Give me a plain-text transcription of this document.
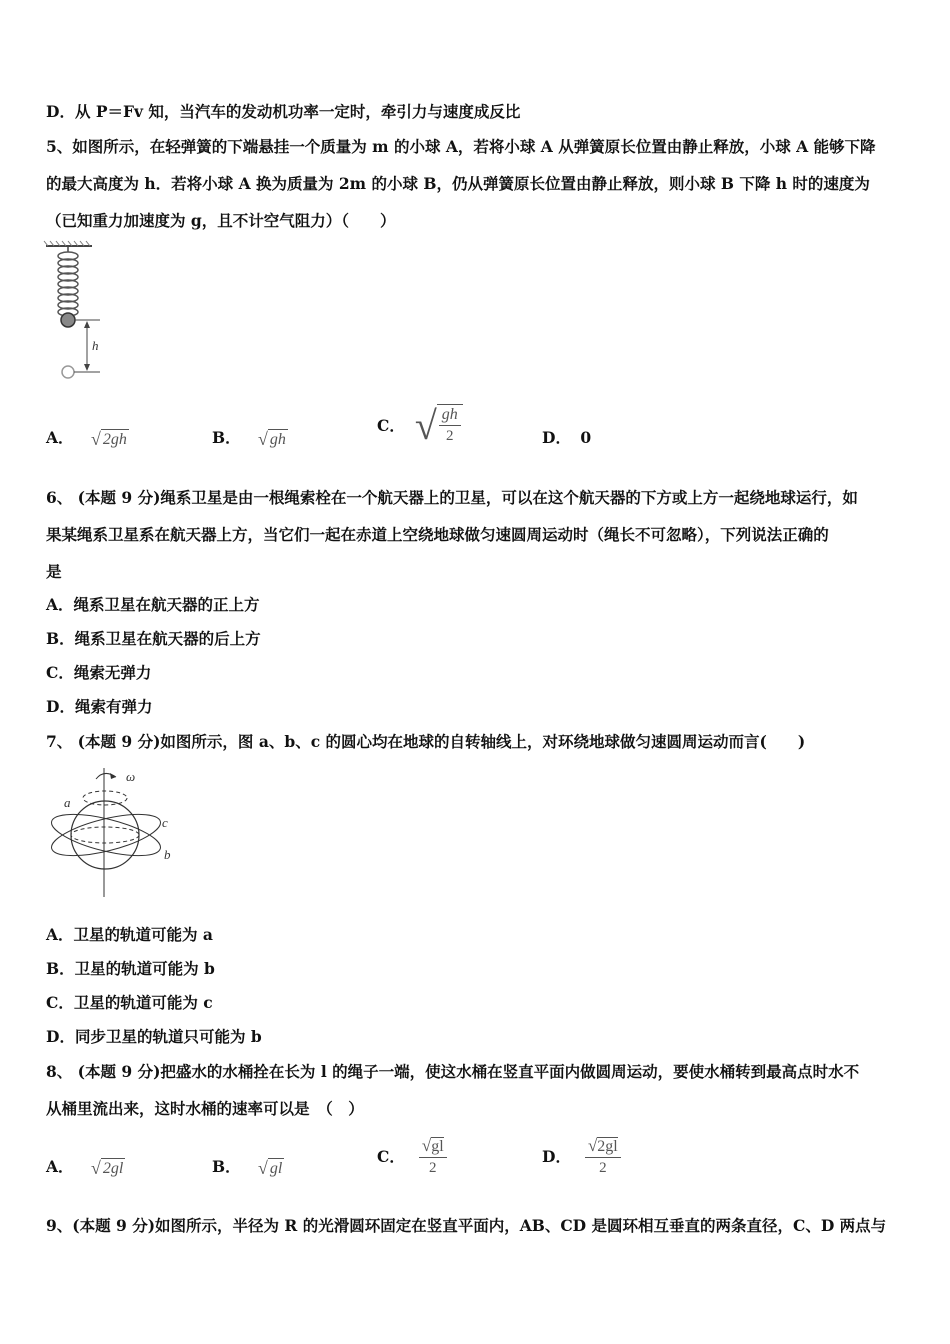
D．从 P＝Fv 知，当汽车的发动机功率一定时，牵引力与速度成反比
5、如图所示，在轻弹簧的下端悬挂一个质量为 m 的小球 A，若将小球 A 从弹簧原长位置由静止释放，小球 A 能够下降
的最大高度为 h．若将小球 A 换为质量为 2m 的小球 B，仍从弹簧原长位置由静止释放，则小球 B 下降 h 时的速度为
（已知重力加速度为 g，且不计空气阻力）（　　）
h
A． √ 2gh	B． √ gh
C． √ $\frac{gh}{2}$	D． 0
6、 (本题 9 分)绳系卫星是由一根绳索栓在一个航天器上的卫星，可以在这个航天器的下方或上方一起绕地球运行，如
果某绳系卫星系在航天器上方，当它们一起在赤道上空绕地球做匀速圆周运动时（绳长不可忽略），下列说法正确的
是
A．绳系卫星在航天器的正上方
B．绳系卫星在航天器的后上方
C．绳索无弹力
D．绳索有弹力
7、 (本题 9 分)如图所示，图 a、b、c 的圆心均在地球的自转轴线上，对环绕地球做匀速圆周运动而言(　　)
ω
a
c
b
A．卫星的轨道可能为 a
B．卫星的轨道可能为 b
C．卫星的轨道可能为 c
D．同步卫星的轨道只可能为 b
8、 (本题 9 分)把盛水的水桶拴在长为 l 的绳子一端，使这水桶在竖直平面内做圆周运动，要使水桶转到最高点时水不
从桶里流出来，这时水桶的速率可以是　（　）
A． √ 2gl	B． √ gl
C． $\frac{√gl}{2}$	D． $\frac{√2gl}{2}$
9、(本题 9 分)如图所示，半径为 R 的光滑圆环固定在竖直平面内，AB、CD 是圆环相互垂直的两条直径，C、D 两点与
